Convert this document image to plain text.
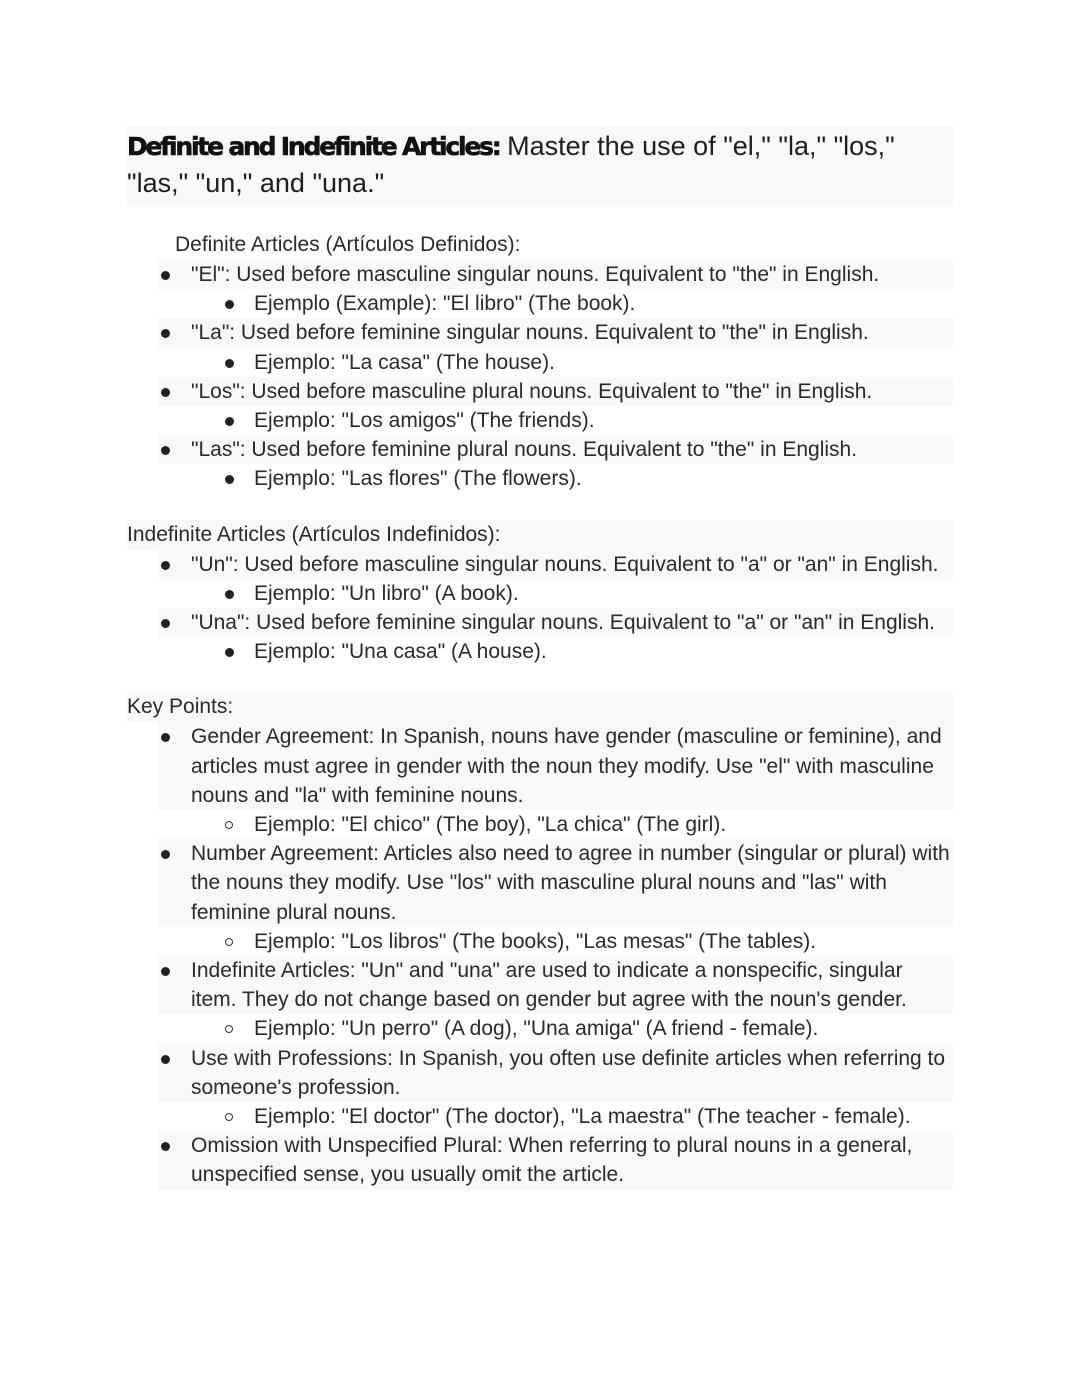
Definite and Indefinite Articles: Master the use of "el," "la," "los," "las," "un," and "una."
Definite Articles (Artículos Definidos):
"El": Used before masculine singular nouns. Equivalent to "the" in English.
Ejemplo (Example): "El libro" (The book).
"La": Used before feminine singular nouns. Equivalent to "the" in English.
Ejemplo: "La casa" (The house).
"Los": Used before masculine plural nouns. Equivalent to "the" in English.
Ejemplo: "Los amigos" (The friends).
"Las": Used before feminine plural nouns. Equivalent to "the" in English.
Ejemplo: "Las flores" (The flowers).
Indefinite Articles (Artículos Indefinidos):
"Un": Used before masculine singular nouns. Equivalent to "a" or "an" in English.
Ejemplo: "Un libro" (A book).
"Una": Used before feminine singular nouns. Equivalent to "a" or "an" in English.
Ejemplo: "Una casa" (A house).
Key Points:
Gender Agreement: In Spanish, nouns have gender (masculine or feminine), and articles must agree in gender with the noun they modify. Use "el" with masculine nouns and "la" with feminine nouns.
Ejemplo: "El chico" (The boy), "La chica" (The girl).
Number Agreement: Articles also need to agree in number (singular or plural) with the nouns they modify. Use "los" with masculine plural nouns and "las" with feminine plural nouns.
Ejemplo: "Los libros" (The books), "Las mesas" (The tables).
Indefinite Articles: "Un" and "una" are used to indicate a nonspecific, singular item. They do not change based on gender but agree with the noun's gender.
Ejemplo: "Un perro" (A dog), "Una amiga" (A friend - female).
Use with Professions: In Spanish, you often use definite articles when referring to someone's profession.
Ejemplo: "El doctor" (The doctor), "La maestra" (The teacher - female).
Omission with Unspecified Plural: When referring to plural nouns in a general, unspecified sense, you usually omit the article.
